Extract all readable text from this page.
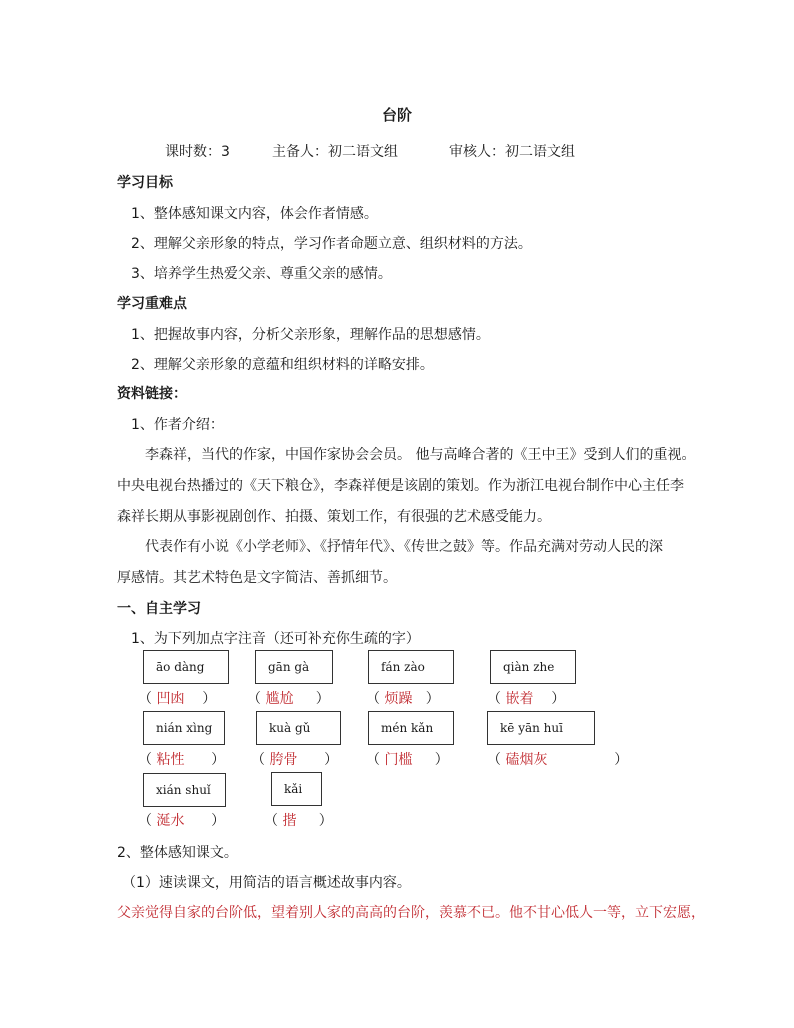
台阶
课时数：3	主备人：初二语文组	审核人：初二语文组
学习目标
1、整体感知课文内容，体会作者情感。
2、理解父亲形象的特点，学习作者命题立意、组织材料的方法。
3、培养学生热爱父亲、尊重父亲的感情。
学习重难点
1、把握故事内容，分析父亲形象，理解作品的思想感情。
2、理解父亲形象的意蕴和组织材料的详略安排。
资料链接：
1、作者介绍：
李森祥，当代的作家，中国作家协会会员。 他与高峰合著的《王中王》受到人们的重视。
中央电视台热播过的《天下粮仓》，李森祥便是该剧的策划。作为浙江电视台制作中心主任李
森祥长期从事影视剧创作、拍摄、策划工作，有很强的艺术感受能力。
代表作有小说《小学老师》、《抒情年代》、《传世之鼓》等。作品充满对劳动人民的深
厚感情。其艺术特色是文字简洁、善抓细节。
一、自主学习
1、为下列加点字注音（还可补充你生疏的字）
āo dàng	gān gà	fán zào	qiàn zhe
（ 凹凼    ） （ 尴尬     ）	（ 烦躁   ）	（ 嵌着    ）
nián xìng	kuà gǔ	mén kǎn	kē yān huī
（ 粘性      ） （ 胯骨      ） （ 门槛     ）	（ 磕烟灰               ）
xián shuǐ	kǎi
（ 涎水      ）	（ 揩     ）
2、整体感知课文。
（1）速读课文，用简洁的语言概述故事内容。
父亲觉得自家的台阶低，望着别人家的高高的台阶，羡慕不已。他不甘心低人一等，立下宏愿，
